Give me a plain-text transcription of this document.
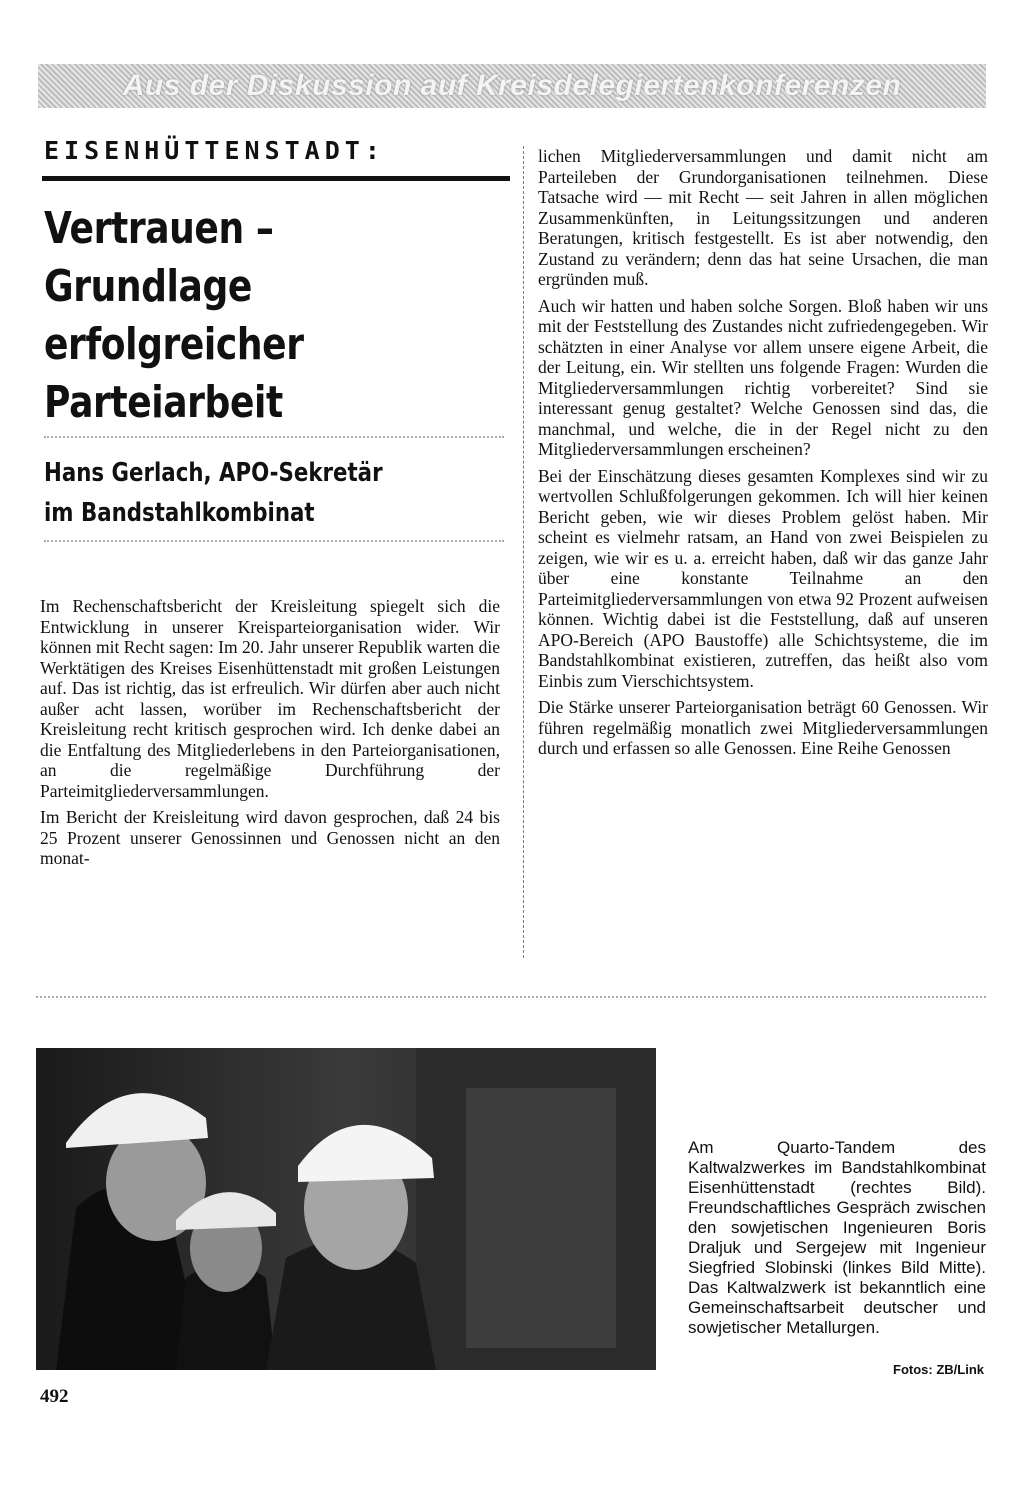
Aus der Diskussion auf Kreisdelegiertenkonferenzen
EISENHÜTTENSTADT:
Vertrauen –
Grundlage
erfolgreicher
Parteiarbeit
Hans Gerlach, APO-Sekretär
im Bandstahlkombinat

Im Rechenschaftsbericht der Kreisleitung spiegelt sich die Entwicklung in unserer Kreisparteiorganisation wider. Wir können mit Recht sagen: Im 20. Jahr unserer Republik warten die Werktätigen des Kreises Eisenhüttenstadt mit großen Leistungen auf. Das ist richtig, das ist erfreulich. Wir dürfen aber auch nicht außer acht lassen, worüber im Rechenschaftsbericht der Kreisleitung recht kritisch gesprochen wird. Ich denke dabei an die Entfaltung des Mitgliederlebens in den Parteiorganisationen, an die regelmäßige Durchführung der Parteimitgliederversammlungen.

Im Bericht der Kreisleitung wird davon gesprochen, daß 24 bis 25 Prozent unserer Genossinnen und Genossen nicht an den monat-

lichen Mitgliederversammlungen und damit nicht am Parteileben der Grundorganisationen teilnehmen. Diese Tatsache wird — mit Recht — seit Jahren in allen möglichen Zusammenkünften, in Leitungssitzungen und anderen Beratungen, kritisch festgestellt. Es ist aber notwendig, den Zustand zu verändern; denn das hat seine Ursachen, die man ergründen muß.

Auch wir hatten und haben solche Sorgen. Bloß haben wir uns mit der Feststellung des Zustandes nicht zufriedengegeben. Wir schätzten in einer Analyse vor allem unsere eigene Arbeit, die der Leitung, ein. Wir stellten uns folgende Fragen: Wurden die Mitgliederversammlungen richtig vorbereitet? Sind sie interessant genug gestaltet? Welche Genossen sind das, die manchmal, und welche, die in der Regel nicht zu den Mitgliederversammlungen erscheinen?

Bei der Einschätzung dieses gesamten Komplexes sind wir zu wertvollen Schlußfolgerungen gekommen. Ich will hier keinen Bericht geben, wie wir dieses Problem gelöst haben. Mir scheint es vielmehr ratsam, an Hand von zwei Beispielen zu zeigen, wie wir es u. a. erreicht haben, daß wir das ganze Jahr über eine konstante Teilnahme an den Parteimitgliederversammlungen von etwa 92 Prozent aufweisen können. Wichtig dabei ist die Feststellung, daß auf unseren APO-Bereich (APO Baustoffe) alle Schichtsysteme, die im Bandstahlkombinat existieren, zutreffen, das heißt also vom Einbis zum Vierschichtsystem.

Die Stärke unserer Parteiorganisation beträgt 60 Genossen. Wir führen regelmäßig monatlich zwei Mitgliederversammlungen durch und erfassen so alle Genossen. Eine Reihe Genossen

Am Quarto-Tandem des Kaltwalzwerkes im Bandstahlkombinat Eisenhüttenstadt (rechtes Bild). Freundschaftliches Gespräch zwischen den sowjetischen Ingenieuren Boris Draljuk und Sergejew mit Ingenieur Siegfried Slobinski (linkes Bild Mitte). Das Kaltwalzwerk ist bekanntlich eine Gemeinschaftsarbeit deutscher und sowjetischer Metallurgen.
Fotos: ZB/Link
492
